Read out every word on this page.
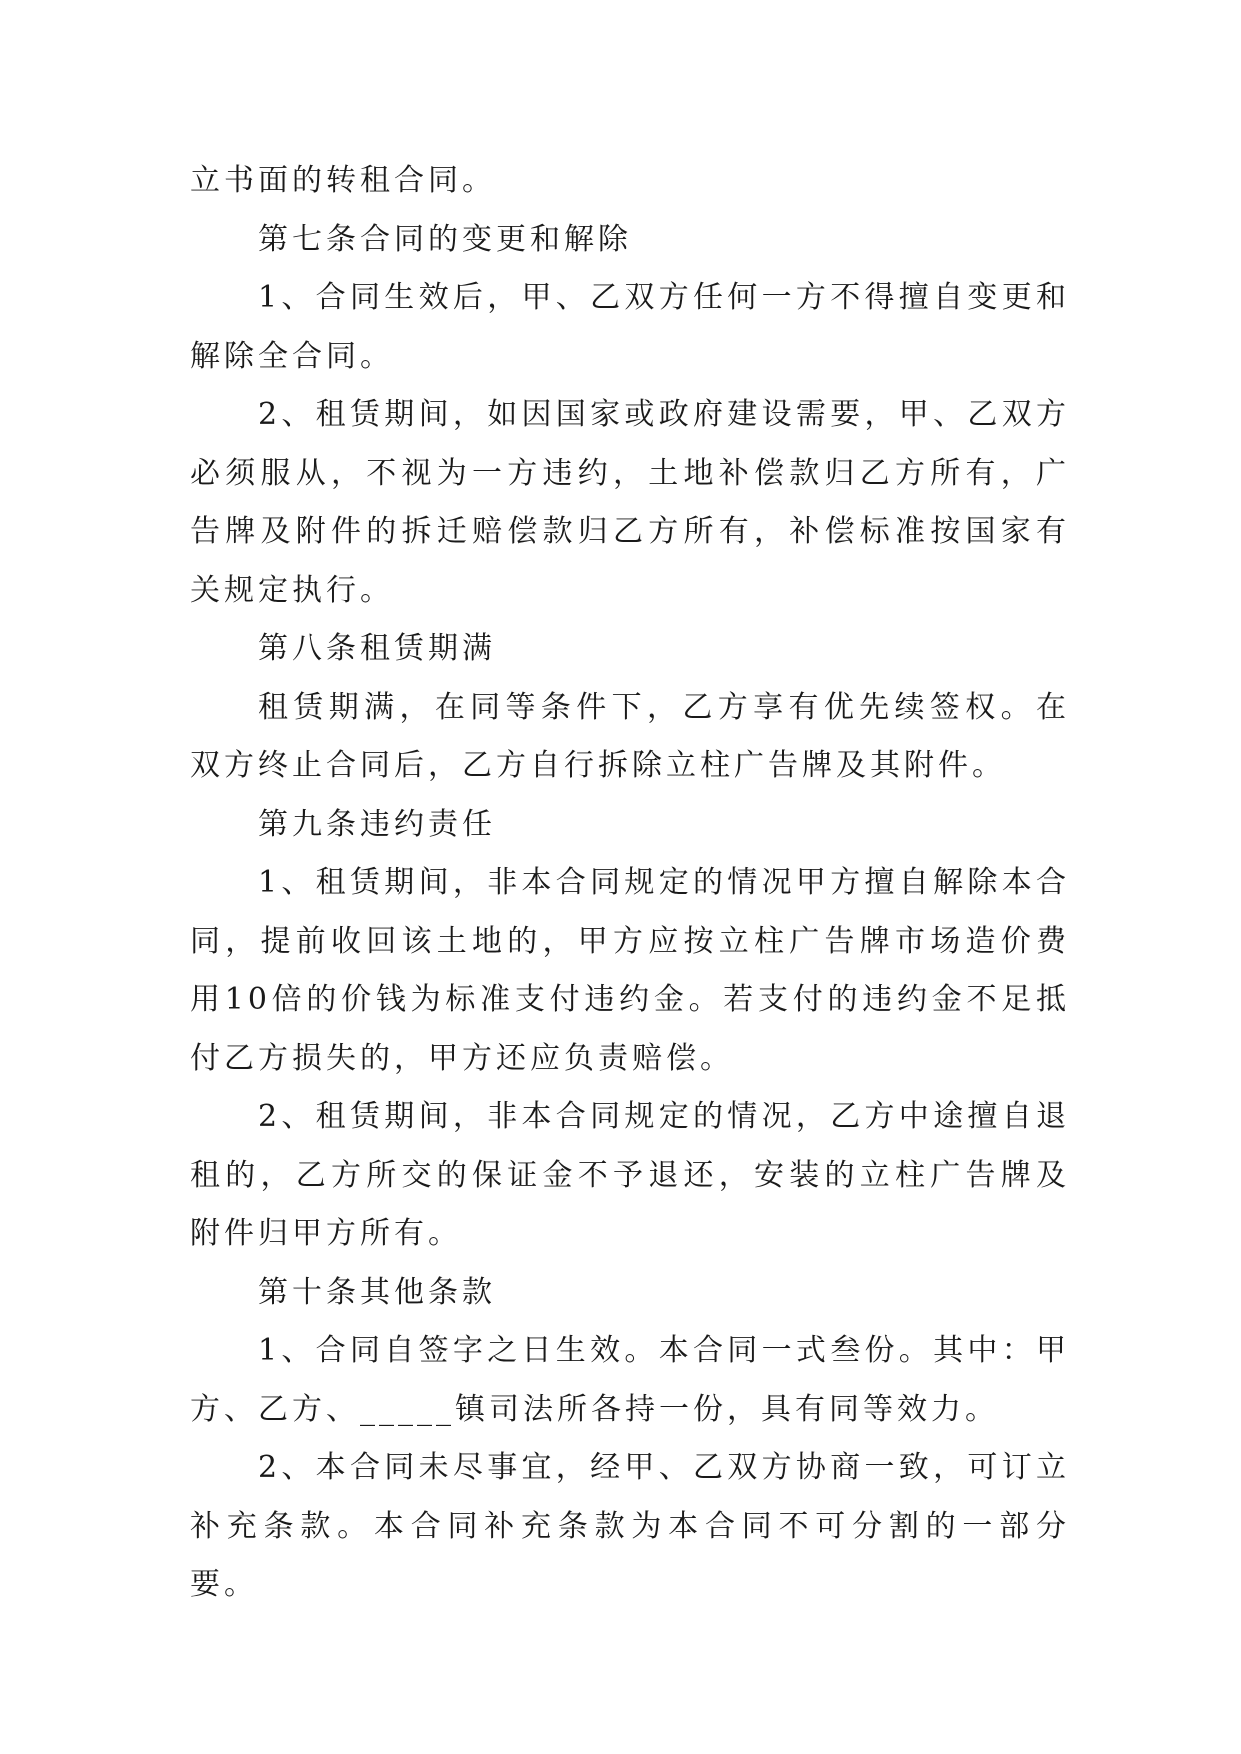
立书面的转租合同。

第七条合同的变更和解除

1、合同生效后，甲、乙双方任何一方不得擅自变更和解除全合同。

2、租赁期间，如因国家或政府建设需要，甲、乙双方必须服从，不视为一方违约，土地补偿款归乙方所有，广告牌及附件的拆迁赔偿款归乙方所有，补偿标准按国家有关规定执行。

第八条租赁期满

租赁期满，在同等条件下，乙方享有优先续签权。在双方终止合同后，乙方自行拆除立柱广告牌及其附件。

第九条违约责任

1、租赁期间，非本合同规定的情况甲方擅自解除本合同，提前收回该土地的，甲方应按立柱广告牌市场造价费用10倍的价钱为标准支付违约金。若支付的违约金不足抵付乙方损失的，甲方还应负责赔偿。

2、租赁期间，非本合同规定的情况，乙方中途擅自退租的，乙方所交的保证金不予退还，安装的立柱广告牌及附件归甲方所有。

第十条其他条款

1、合同自签字之日生效。本合同一式叁份。其中：甲方、乙方、_____镇司法所各持一份，具有同等效力。

2、本合同未尽事宜，经甲、乙双方协商一致，可订立补充条款。本合同补充条款为本合同不可分割的一部分要。
